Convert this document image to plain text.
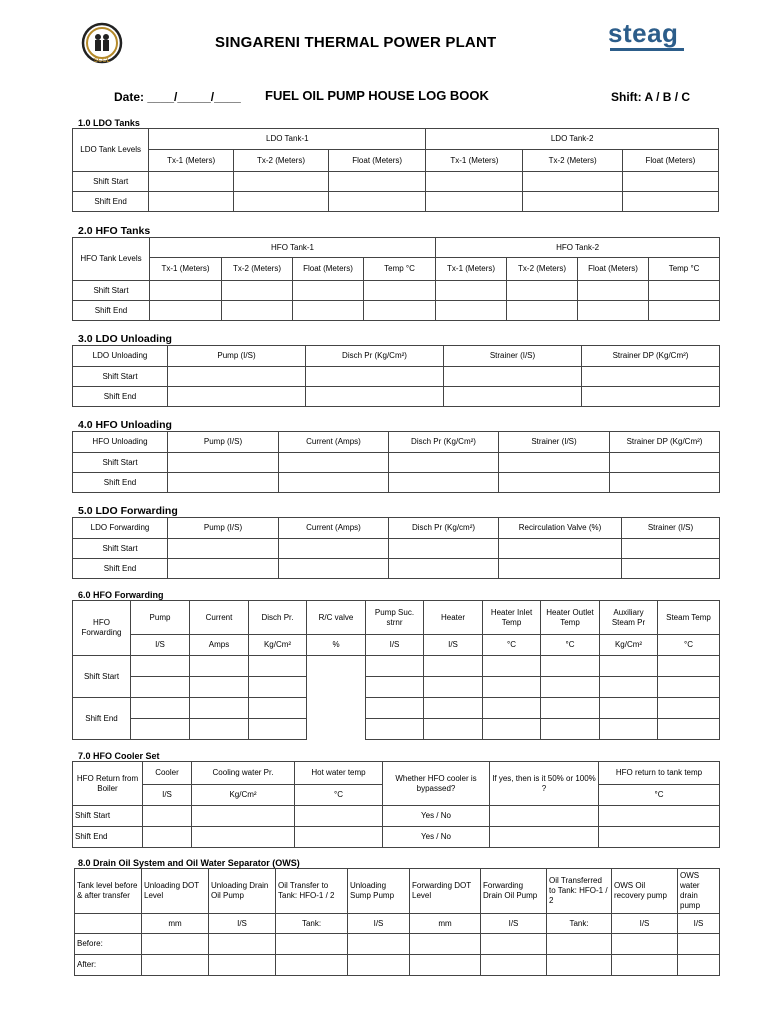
SCCL
steag
SINGARENI THERMAL POWER PLANT
Date: ____/_____/____ FUEL OIL PUMP HOUSE LOG BOOK	Shift: A / B / C
1.0 LDO Tanks
LDO Tank Levels	LDO Tank-1			LDO Tank-2		
	Tx-1 (Meters)	Tx-2 (Meters)	Float (Meters)	Tx-1 (Meters)	Tx-2 (Meters)	Float (Meters)
Shift Start						
Shift End						
2.0 HFO Tanks
HFO Tank Levels	HFO Tank-1				HFO Tank-2			
	Tx-1 (Meters)	Tx-2 (Meters)	Float (Meters)	Temp °C	Tx-1 (Meters)	Tx-2 (Meters)	Float (Meters)	Temp °C
Shift Start								
Shift End								
3.0 LDO Unloading
LDO Unloading	Pump (I/S)	Disch Pr (Kg/Cm²)	Strainer (I/S)	Strainer DP (Kg/Cm²)
Shift Start				
Shift End				
4.0 HFO Unloading
HFO Unloading	Pump (I/S)	Current (Amps)	Disch Pr (Kg/Cm²)	Strainer (I/S)	Strainer DP (Kg/Cm²)
Shift Start					
Shift End					
5.0 LDO Forwarding
LDO Forwarding	Pump (I/S)	Current (Amps)	Disch Pr (Kg/cm²)	Recirculation Valve (%)	Strainer (I/S)
Shift Start					
Shift End					
6.0 HFO Forwarding
HFO Forwarding	Pump	Current	Disch Pr.	R/C valve	Pump Suc. strnr	Heater	Heater Inlet Temp	Heater Outlet Temp	Auxiliary Steam Pr	Steam Temp
	I/S	Amps	Kg/Cm²	%	I/S	I/S	°C	°C	Kg/Cm²	°C
Shift Start										

Shift End										

7.0 HFO Cooler Set
HFO Return from Boiler	Cooler	Cooling water Pr.	Hot water temp	Whether HFO cooler is bypassed?	If yes, then is it 50% or 100% ?	HFO return to tank temp
	I/S	Kg/Cm²	°C			°C
Shift Start				Yes / No		
Shift End				Yes / No		
8.0 Drain Oil System and Oil Water Separator (OWS)
Tank level before & after transfer	Unloading DOT Level	Unloading Drain Oil Pump	Oil Transfer to Tank: HFO-1 / 2	Unloading Sump Pump	Forwarding DOT Level	Forwarding Drain Oil Pump	Oil Transferred to Tank: HFO-1 / 2	OWS Oil recovery pump	OWS water drain pump
	mm	I/S	Tank:	I/S	mm	I/S	Tank:	I/S	I/S
Before:									
After:									
